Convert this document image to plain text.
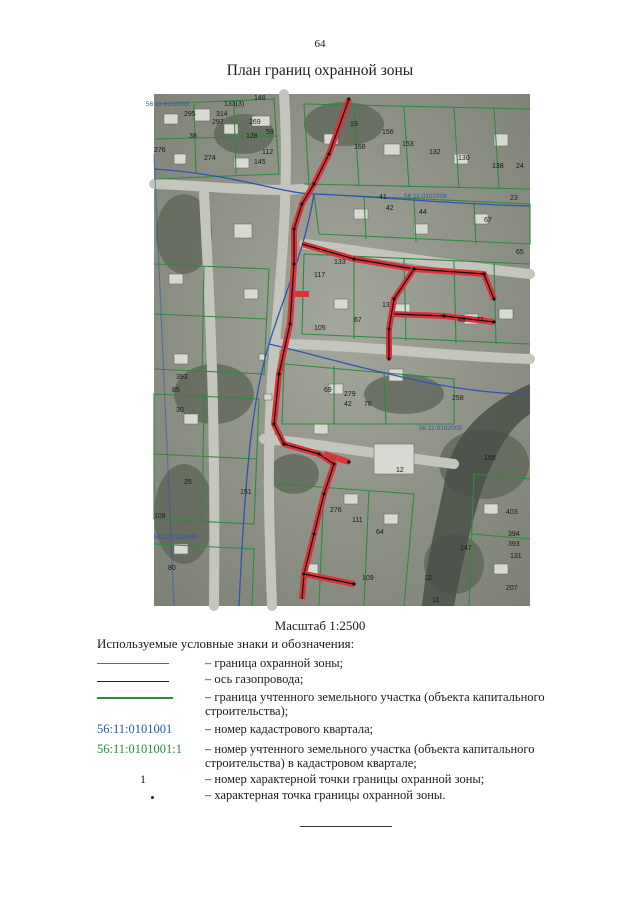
64
План границ охранной зоны
56:11:0102008
56:11:0102008
56:11:0102009
56:11:0103008
148
133(3)
295
297
38
314
269
128
59
112
276
274
145
19
166
156
153
132
130
138 24
23
41
42
44
67
117
133
65
13
105
67	68 77
393
85
30
69
279
42 78
258
155
12
151
276
111
64
147
403
394
393
131
109
207
11
80
25
108
12
Масштаб 1:2500
Используемые условные знаки и обозначения:
– граница охранной зоны;
– ось газопровода;
– граница учтенного земельного участка (объекта капитального строительства);
56:11:0101001	– номер кадастрового квартала;
56:11:0101001:1	– номер учтенного земельного участка (объекта капитального строительства) в кадастровом квартале;
1	– номер характерной точки границы охранной зоны;
– характерная точка границы охранной зоны.
